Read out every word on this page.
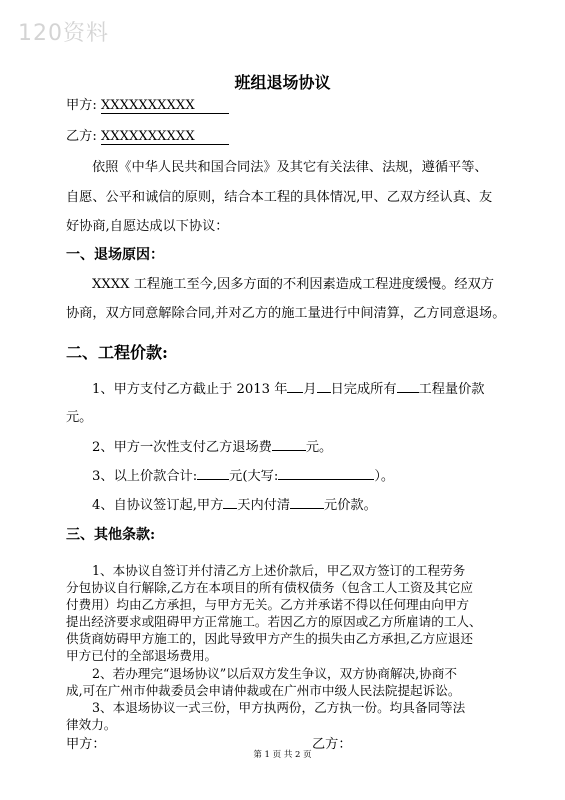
120资料
班组退场协议
甲方: XXXXXXXXXX
乙方: XXXXXXXXXX
依照《中华人民共和国合同法》及其它有关法律、法规，遵循平等、
自愿、公平和诚信的原则，结合本工程的具体情况,甲、乙双方经认真、友
好协商,自愿达成以下协议：
一、退场原因：
XXXX 工程施工至今,因多方面的不利因素造成工程进度缓慢。经双方
协商，双方同意解除合同,并对乙方的施工量进行中间清算，乙方同意退场。
二、工程价款:
1、甲方支付乙方截止于 2013 年 月 日完成所有 工程量价款
元。
2、甲方一次性支付乙方退场费	元。
3、以上价款合计: 元(大写:	）。
4、自协议签订起,甲方 天内付清	元价款。
三、其他条款:
1、本协议自签订并付清乙方上述价款后，甲乙双方签订的工程劳务
分包协议自行解除,乙方在本项目的所有债权债务（包含工人工资及其它应
付费用）均由乙方承担，与甲方无关。乙方并承诺不得以任何理由向甲方
提出经济要求或阻碍甲方正常施工。若因乙方的原因或乙方所雇请的工人、
供货商妨碍甲方施工的，因此导致甲方产生的损失由乙方承担,乙方应退还
甲方已付的全部退场费用。
2、若办理完“退场协议”以后双方发生争议，双方协商解决,协商不
成,可在广州市仲裁委员会申请仲裁或在广州市中级人民法院提起诉讼。
3、本退场协议一式三份，甲方执两份，乙方执一份。均具备同等法
律效力。
甲方：	乙方：
第 1 页 共 2 页
